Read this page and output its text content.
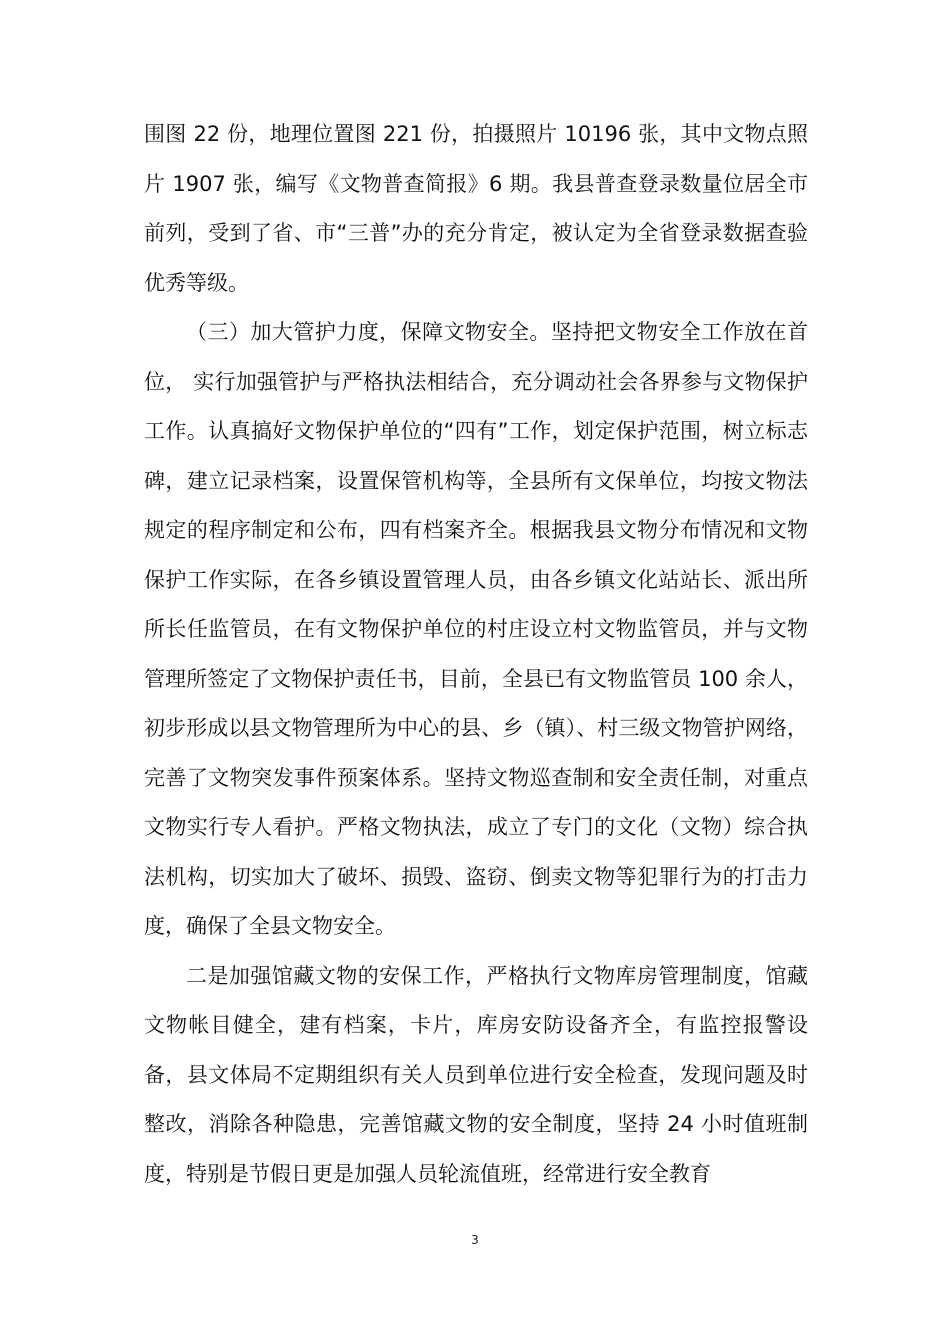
围图 22 份，地理位置图 221 份，拍摄照片 10196 张，其中文物点照片 1907 张，编写《文物普查简报》6 期。我县普查登录数量位居全市前列，受到了省、市“三普”办的充分肯定，被认定为全省登录数据查验优秀等级。

（三）加大管护力度，保障文物安全。坚持把文物安全工作放在首位， 实行加强管护与严格执法相结合，充分调动社会各界参与文物保护工作。认真搞好文物保护单位的“四有”工作，划定保护范围，树立标志碑，建立记录档案，设置保管机构等，全县所有文保单位，均按文物法规定的程序制定和公布，四有档案齐全。根据我县文物分布情况和文物保护工作实际，在各乡镇设置管理人员，由各乡镇文化站站长、派出所所长任监管员，在有文物保护单位的村庄设立村文物监管员，并与文物管理所签定了文物保护责任书，目前，全县已有文物监管员 100 余人，初步形成以县文物管理所为中心的县、乡（镇）、村三级文物管护网络，完善了文物突发事件预案体系。坚持文物巡查制和安全责任制，对重点文物实行专人看护。严格文物执法，成立了专门的文化（文物）综合执法机构，切实加大了破坏、损毁、盗窃、倒卖文物等犯罪行为的打击力度，确保了全县文物安全。

二是加强馆藏文物的安保工作，严格执行文物库房管理制度，馆藏文物帐目健全，建有档案，卡片，库房安防设备齐全，有监控报警设备，县文体局不定期组织有关人员到单位进行安全检查，发现问题及时整改，消除各种隐患，完善馆藏文物的安全制度，坚持 24 小时值班制度，特别是节假日更是加强人员轮流值班，经常进行安全教育

3
